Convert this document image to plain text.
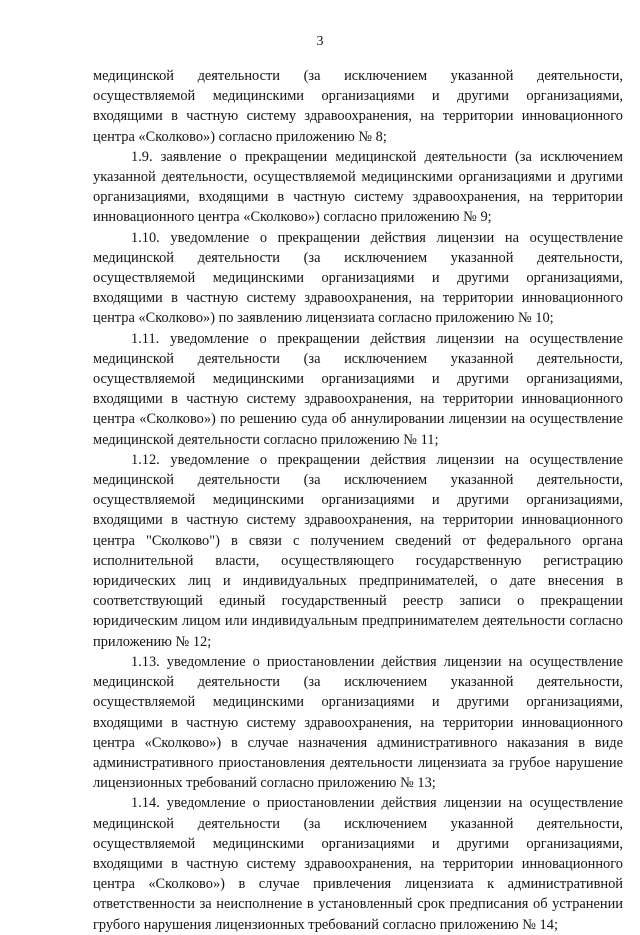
3

медицинской деятельности (за исключением указанной деятельности, осуществляемой медицинскими организациями и другими организациями, входящими в частную систему здравоохранения, на территории инновационного центра «Сколково») согласно приложению № 8;

1.9. заявление о прекращении медицинской деятельности (за исключением указанной деятельности, осуществляемой медицинскими организациями и другими организациями, входящими в частную систему здравоохранения, на территории инновационного центра «Сколково») согласно приложению № 9;

1.10. уведомление о прекращении действия лицензии на осуществление медицинской деятельности (за исключением указанной деятельности, осуществляемой медицинскими организациями и другими организациями, входящими в частную систему здравоохранения, на территории инновационного центра «Сколково») по заявлению лицензиата согласно приложению № 10;

1.11. уведомление о прекращении действия лицензии на осуществление медицинской деятельности (за исключением указанной деятельности, осуществляемой медицинскими организациями и другими организациями, входящими в частную систему здравоохранения, на территории инновационного центра «Сколково») по решению суда об аннулировании лицензии на осуществление медицинской деятельности согласно приложению № 11;

1.12. уведомление о прекращении действия лицензии на осуществление медицинской деятельности (за исключением указанной деятельности, осуществляемой медицинскими организациями и другими организациями, входящими в частную систему здравоохранения, на территории инновационного центра "Сколково") в связи с получением сведений от федерального органа исполнительной власти, осуществляющего государственную регистрацию юридических лиц и индивидуальных предпринимателей, о дате внесения в соответствующий единый государственный реестр записи о прекращении юридическим лицом или индивидуальным предпринимателем деятельности согласно приложению № 12;

1.13. уведомление о приостановлении действия лицензии на осуществление медицинской деятельности (за исключением указанной деятельности, осуществляемой медицинскими организациями и другими организациями, входящими в частную систему здравоохранения, на территории инновационного центра «Сколково») в случае назначения административного наказания в виде административного приостановления деятельности лицензиата за грубое нарушение лицензионных требований согласно приложению № 13;

1.14. уведомление о приостановлении действия лицензии на осуществление медицинской деятельности (за исключением указанной деятельности, осуществляемой медицинскими организациями и другими организациями, входящими в частную систему здравоохранения, на территории инновационного центра «Сколково») в случае привлечения лицензиата к административной ответственности за неисполнение в установленный срок предписания об устранении грубого нарушения лицензионных требований согласно приложению № 14;
